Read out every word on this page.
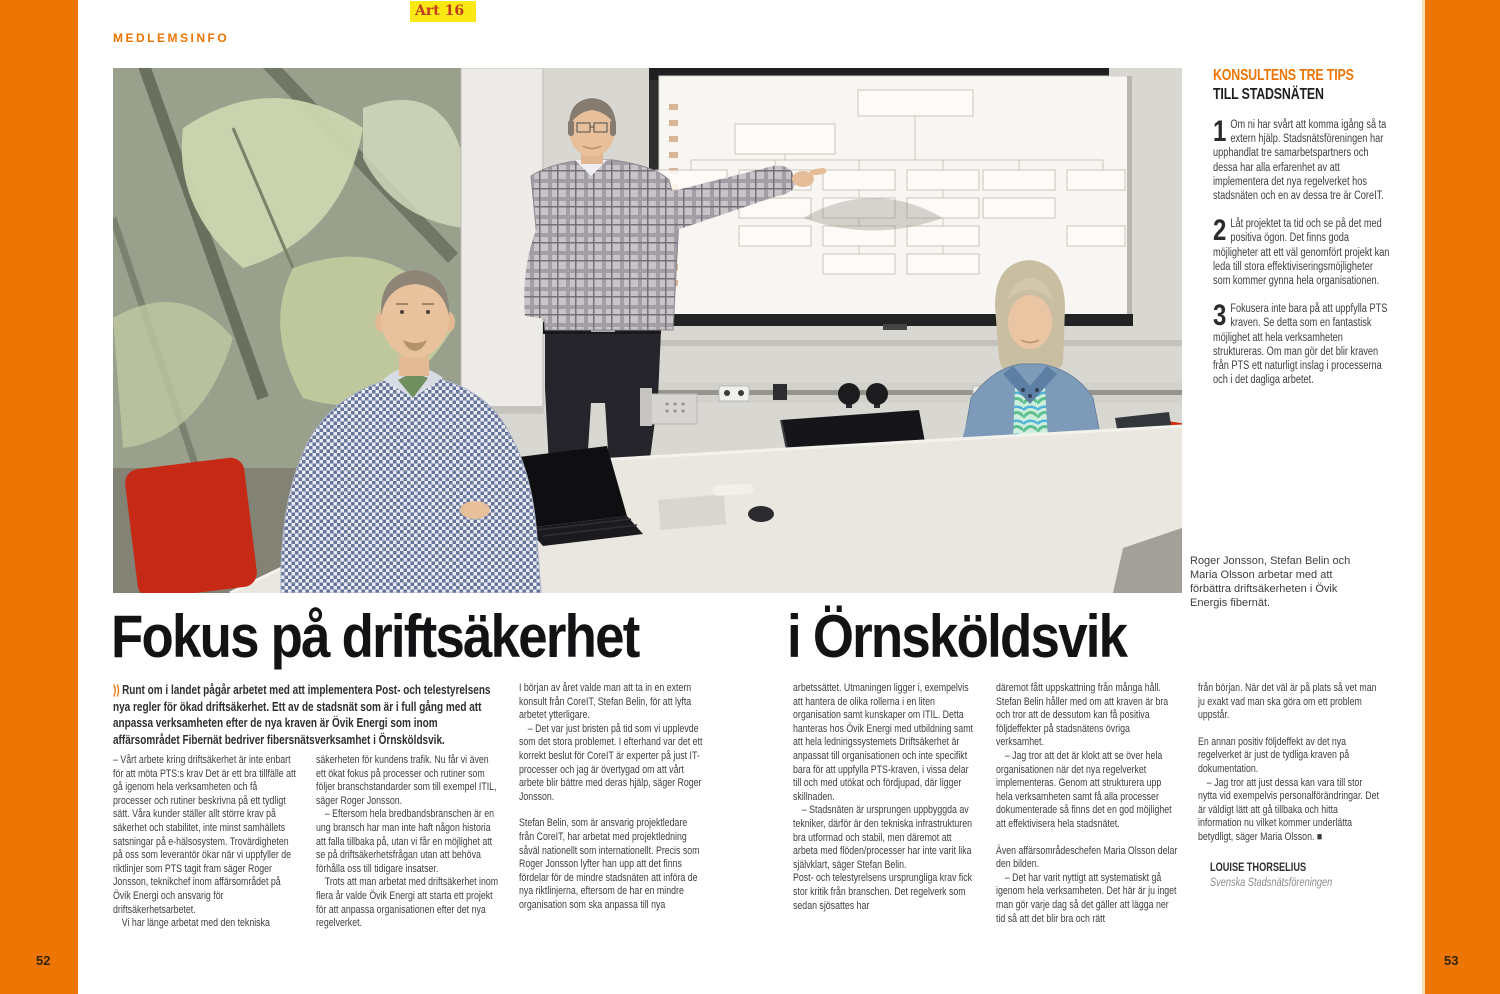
52	53
Art 16
MEDLEMSINFO
Roger Jonsson, Stefan Belin och Maria Olsson arbetar med att förbättra driftsäkerheten i Övik Energis fibernät.
Fokus på driftsäkerhet i Örnsköldsvik
)) Runt om i landet pågår arbetet med att implementera Post- och telestyrelsens nya regler för ökad driftsäkerhet. Ett av de stadsnät som är i full gång med att anpassa verksamheten efter de nya kraven är Övik Energi som inom affärsområdet Fibernät bedriver fibersnätsverksamhet i Örnsköldsvik.

– Vårt arbete kring driftsäkerhet är inte enbart för att möta PTS:s krav Det är ett bra tillfälle att gå igenom hela verksamheten och få processer och rutiner beskrivna på ett tydligt sätt. Våra kunder ställer allt större krav på säkerhet och stabilitet, inte minst samhällets satsningar på e-hälsosystem. Trovärdigheten på oss som leverantör ökar när vi uppfyller de riktlinjer som PTS tagit fram säger Roger Jonsson, teknikchef inom affärsområdet på Övik Energi och ansvarig för driftsäkerhetsarbetet.

Vi har länge arbetat med den tekniska

säkerheten för kundens trafik. Nu får vi även ett ökat fokus på processer och rutiner som följer branschstandarder som till exempel ITIL, säger Roger Jonsson.

– Eftersom hela bredbandsbranschen är en ung bransch har man inte haft någon historia att falla tillbaka på, utan vi får en möjlighet att se på driftsäkerhetsfrågan utan att behöva förhålla oss till tidigare insatser.

Trots att man arbetat med driftsäkerhet inom flera år valde Övik Energi att starta ett projekt för att anpassa organisationen efter det nya regelverket.

I början av året valde man att ta in en extern konsult från CoreIT, Stefan Belin, för att lyfta arbetet ytterligare.

– Det var just bristen på tid som vi upplevde som det stora problemet. I efterhand var det ett korrekt beslut för CoreIT är experter på just IT-processer och jag är övertygad om att vårt arbete blir bättre med deras hjälp, säger Roger Jonsson.

Stefan Belin, som är ansvarig projektledare från CoreIT, har arbetat med projektledning såväl nationellt som internationellt. Precis som Roger Jonsson lyfter han upp att det finns fördelar för de mindre stadsnäten att införa de nya riktlinjerna, eftersom de har en mindre organisation som ska anpassa till nya

arbetssättet. Utmaningen ligger i, exempelvis att hantera de olika rollerna i en liten organisation samt kunskaper om ITIL. Detta hanteras hos Övik Energi med utbildning samt att hela ledningssystemets Driftsäkerhet är anpassat till organisationen och inte specifikt bara för att uppfylla PTS-kraven, i vissa delar till och med utökat och fördjupad, där ligger skillnaden.

– Stadsnäten är ursprungen uppbyggda av tekniker, därför är den tekniska infrastrukturen bra utformad och stabil, men däremot att arbeta med flöden/processer har inte varit lika självklart, säger Stefan Belin.

Post- och telestyrelsens ursprungliga krav fick stor kritik från branschen. Det regelverk som sedan sjösattes har

däremot fått uppskattning från många håll. Stefan Belin håller med om att kraven är bra och tror att de dessutom kan få positiva följdeffekter på stadsnätens övriga verksamhet.

– Jag tror att det är klokt att se över hela organisationen när det nya regelverket implementeras. Genom att strukturera upp hela verksamheten samt få alla processer dokumenterade så finns det en god möjlighet att effektivisera hela stadsnätet.

Även affärsområdeschefen Maria Olsson delar den bilden.

– Det har varit nyttigt att systematiskt gå igenom hela verksamheten. Det här är ju inget man gör varje dag så det gäller att lägga ner tid så att det blir bra och rätt

från början. När det väl är på plats så vet man ju exakt vad man ska göra om ett problem uppstår.

En annan positiv följdeffekt av det nya regelverket är just de tydliga kraven på dokumentation.

– Jag tror att just dessa kan vara till stor nytta vid exempelvis personalförändringar. Det är väldigt lätt att gå tillbaka och hitta information nu vilket kommer underlätta betydligt, säger Maria Olsson. ■

LOUISE THORSELIUS
Svenska Stadsnätsföreningen
KONSULTENS TRE TIPS
TILL STADSNÄTEN
1 Om ni har svårt att komma igång så ta extern hjälp. Stadsnätsföreningen har upphandlat tre samarbetspartners och dessa har alla erfarenhet av att implementera det nya regelverket hos stadsnäten och en av dessa tre är CoreIT.
2 Låt projektet ta tid och se på det med positiva ögon. Det finns goda möjligheter att ett väl genomfört projekt kan leda till stora effektiviseringsmöjligheter som kommer gynna hela organisationen.
3 Fokusera inte bara på att uppfylla PTS kraven. Se detta som en fantastisk möjlighet att hela verksamheten struktureras. Om man gör det blir kraven från PTS ett naturligt inslag i processerna och i det dagliga arbetet.
